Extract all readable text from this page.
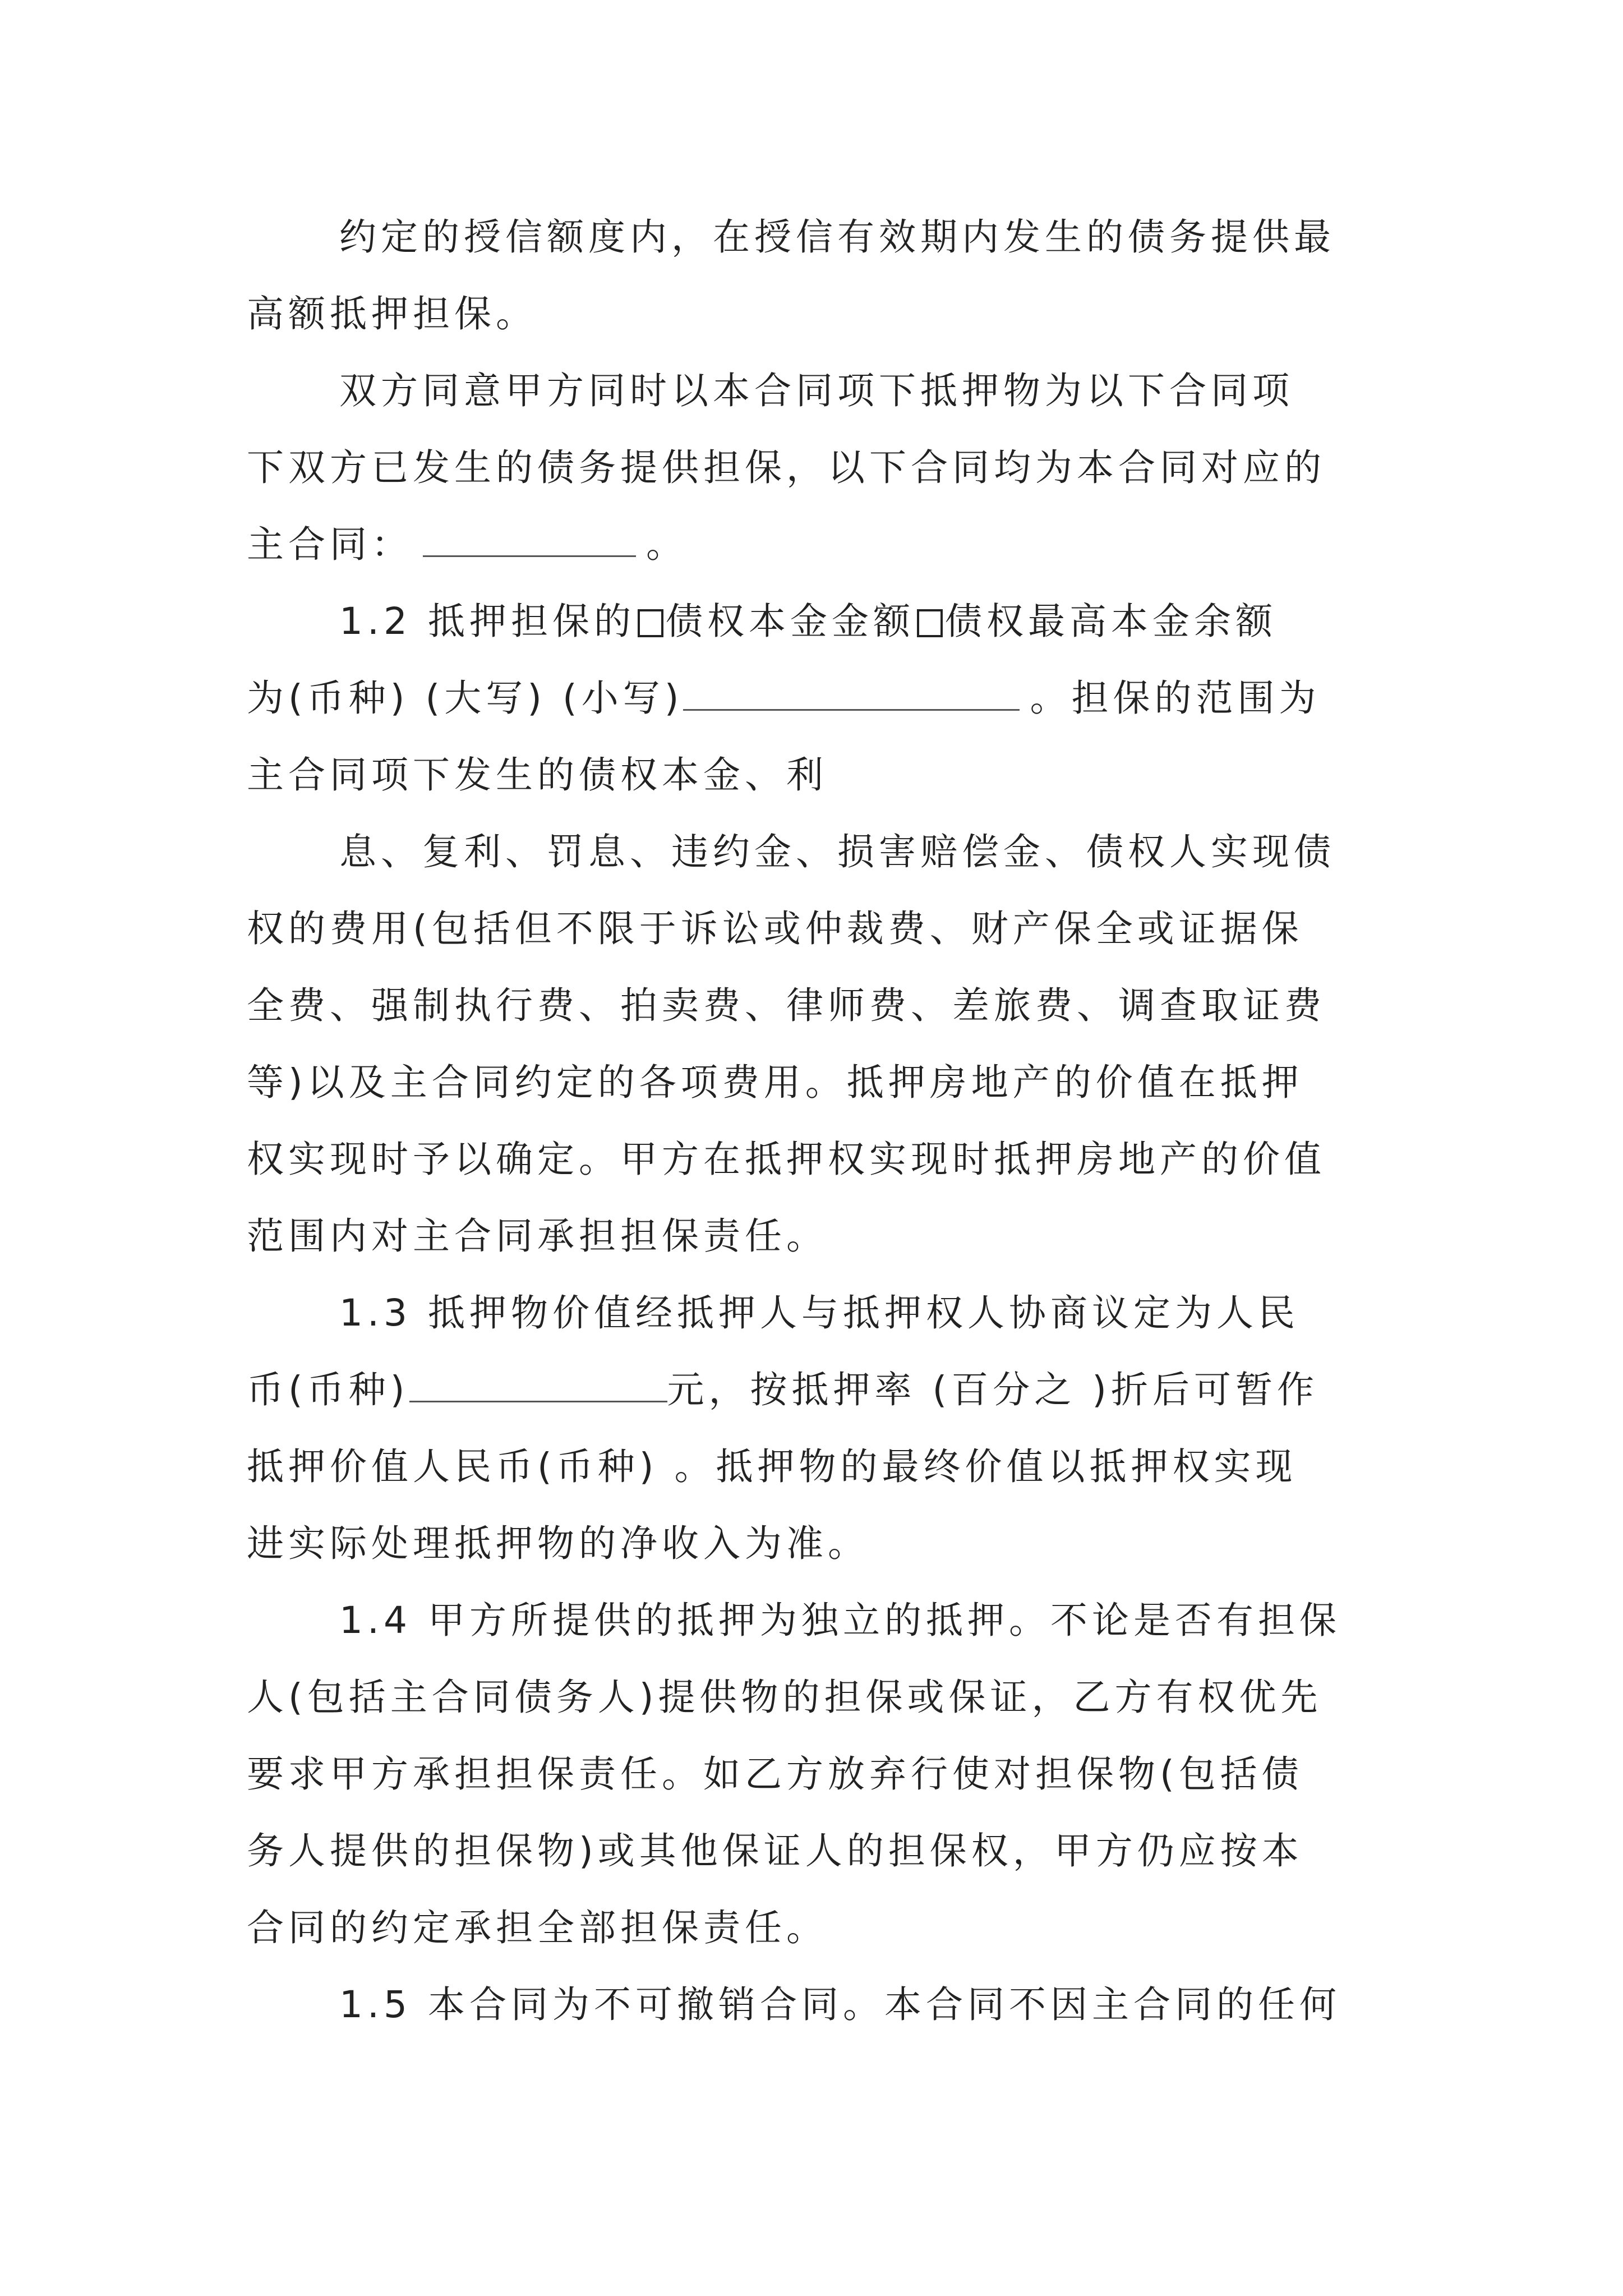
约定的授信额度内，在授信有效期内发生的债务提供最
高额抵押担保。
双方同意甲方同时以本合同项下抵押物为以下合同项
下双方已发生的债务提供担保，以下合同均为本合同对应的
主合同：	。
1.2 抵押担保的 债权本金金额 债权最高本金余额
为(币种) (大写) (小写)	。担保的范围为
主合同项下发生的债权本金、利
息、复利、罚息、违约金、损害赔偿金、债权人实现债
权的费用(包括但不限于诉讼或仲裁费、财产保全或证据保
全费、强制执行费、拍卖费、律师费、差旅费、调查取证费
等)以及主合同约定的各项费用。抵押房地产的价值在抵押
权实现时予以确定。甲方在抵押权实现时抵押房地产的价值
范围内对主合同承担担保责任。
1.3 抵押物价值经抵押人与抵押权人协商议定为人民
币(币种)	元，按抵押率 (百分之 )折后可暂作
抵押价值人民币(币种) 。抵押物的最终价值以抵押权实现
进实际处理抵押物的净收入为准。
1.4 甲方所提供的抵押为独立的抵押。不论是否有担保
人(包括主合同债务人)提供物的担保或保证，乙方有权优先
要求甲方承担担保责任。如乙方放弃行使对担保物(包括债
务人提供的担保物)或其他保证人的担保权，甲方仍应按本
合同的约定承担全部担保责任。
1.5 本合同为不可撤销合同。本合同不因主合同的任何
